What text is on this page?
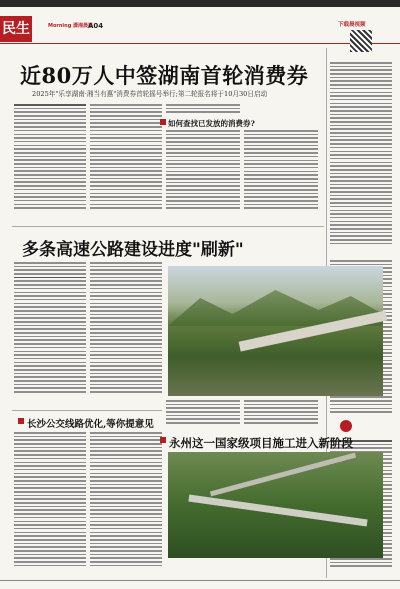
民生	Morning 潇湘晨报
A04	下载晨视频
近80万人中签湖南首轮消费券
2025年"乐享湖南·湘当有惠"消费券首轮摇号举行;第二轮报名将于10月30日启动
如何查找已发放的消费券?
多条高速公路建设进度"刷新"
长沙公交线路优化,等你提意见
永州这一国家级项目施工进入新阶段
